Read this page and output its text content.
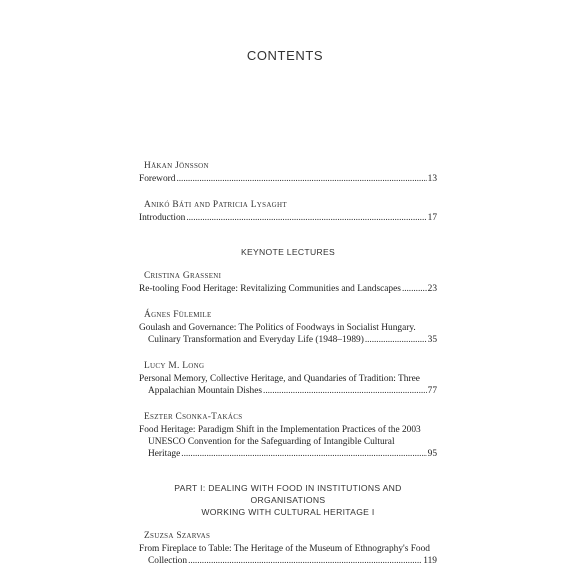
CONTENTS
Håkan Jönsson
Foreword . . .	13
Anikó Báti and Patricia Lysaght
Introduction . . .	17
KEYNOTE LECTURES
Cristina Grasseni
Re-tooling Food Heritage: Revitalizing Communities and Landscapes . . .	23
Ágnes Fülemile
Goulash and Governance: The Politics of Foodways in Socialist Hungary.
Culinary Transformation and Everyday Life (1948–1989) . . .	35
Lucy M. Long
Personal Memory, Collective Heritage, and Quandaries of Tradition: Three
Appalachian Mountain Dishes . . .	77
Eszter Csonka-Takács
Food Heritage: Paradigm Shift in the Implementation Practices of the 2003
UNESCO Convention for the Safeguarding of Intangible Cultural
Heritage . . .	95
PART I: DEALING WITH FOOD IN INSTITUTIONS AND ORGANISATIONS
WORKING WITH CULTURAL HERITAGE I
Zsuzsa Szarvas
From Fireplace to Table: The Heritage of the Museum of Ethnography's Food
Collection . . .	119
